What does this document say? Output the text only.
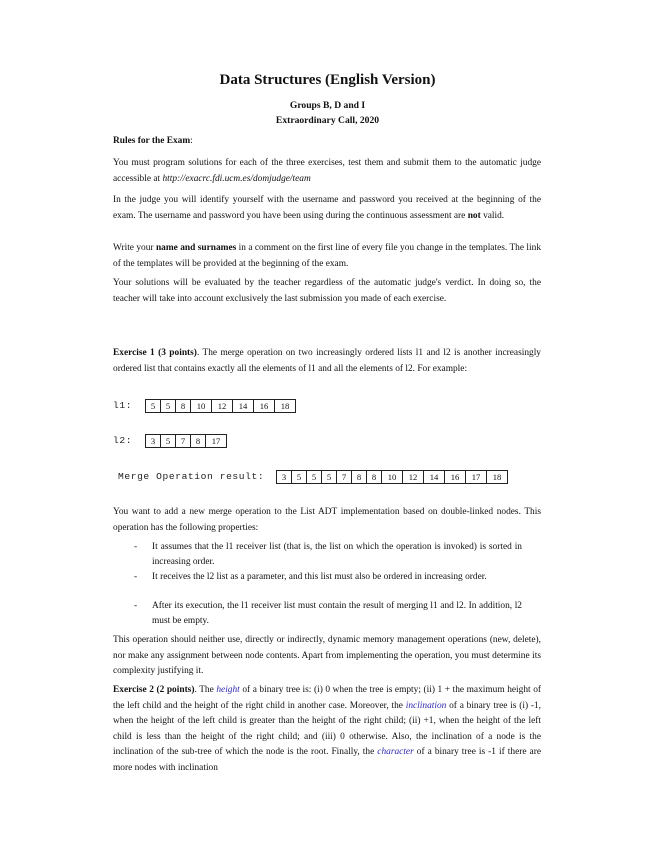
Data Structures (English Version)
Groups B, D and I
Extraordinary Call, 2020
Rules for the Exam:

You must program solutions for each of the three exercises, test them and submit them to the automatic judge accessible at http://exacrc.fdi.ucm.es/domjudge/team

In the judge you will identify yourself with the username and password you received at the beginning of the exam. The username and password you have been using during the continuous assessment are not valid.

Write your name and surnames in a comment on the first line of every file you change in the templates. The link of the templates will be provided at the beginning of the exam.

Your solutions will be evaluated by the teacher regardless of the automatic judge's verdict. In doing so, the teacher will take into account exclusively the last submission you made of each exercise.

Exercise 1 (3 points). The merge operation on two increasingly ordered lists l1 and l2 is another increasingly ordered list that contains exactly all the elements of l1 and all the elements of l2. For example:

l1:	5	5	8	10	12	14	16	18
l2:	3	5	7	8	17
Merge Operation result:	3	5	5	5	7	8	8	10	12	14	16	17	18

You want to add a new merge operation to the List ADT implementation based on double-linked nodes. This operation has the following properties:

- It assumes that the l1 receiver list (that is, the list on which the operation is invoked) is sorted in increasing order.

- It receives the l2 list as a parameter, and this list must also be ordered in increasing order.

- After its execution, the l1 receiver list must contain the result of merging l1 and l2. In addition, l2 must be empty.

This operation should neither use, directly or indirectly, dynamic memory management operations (new, delete), nor make any assignment between node contents. Apart from implementing the operation, you must determine its complexity justifying it.

Exercise 2 (2 points). The height of a binary tree is: (i) 0 when the tree is empty; (ii) 1 + the maximum height of the left child and the height of the right child in another case. Moreover, the inclination of a binary tree is (i) -1, when the height of the left child is greater than the height of the right child; (ii) +1, when the height of the left child is less than the height of the right child; and (iii) 0 otherwise. Also, the inclination of a node is the inclination of the sub-tree of which the node is the root. Finally, the character of a binary tree is -1 if there are more nodes with inclination
